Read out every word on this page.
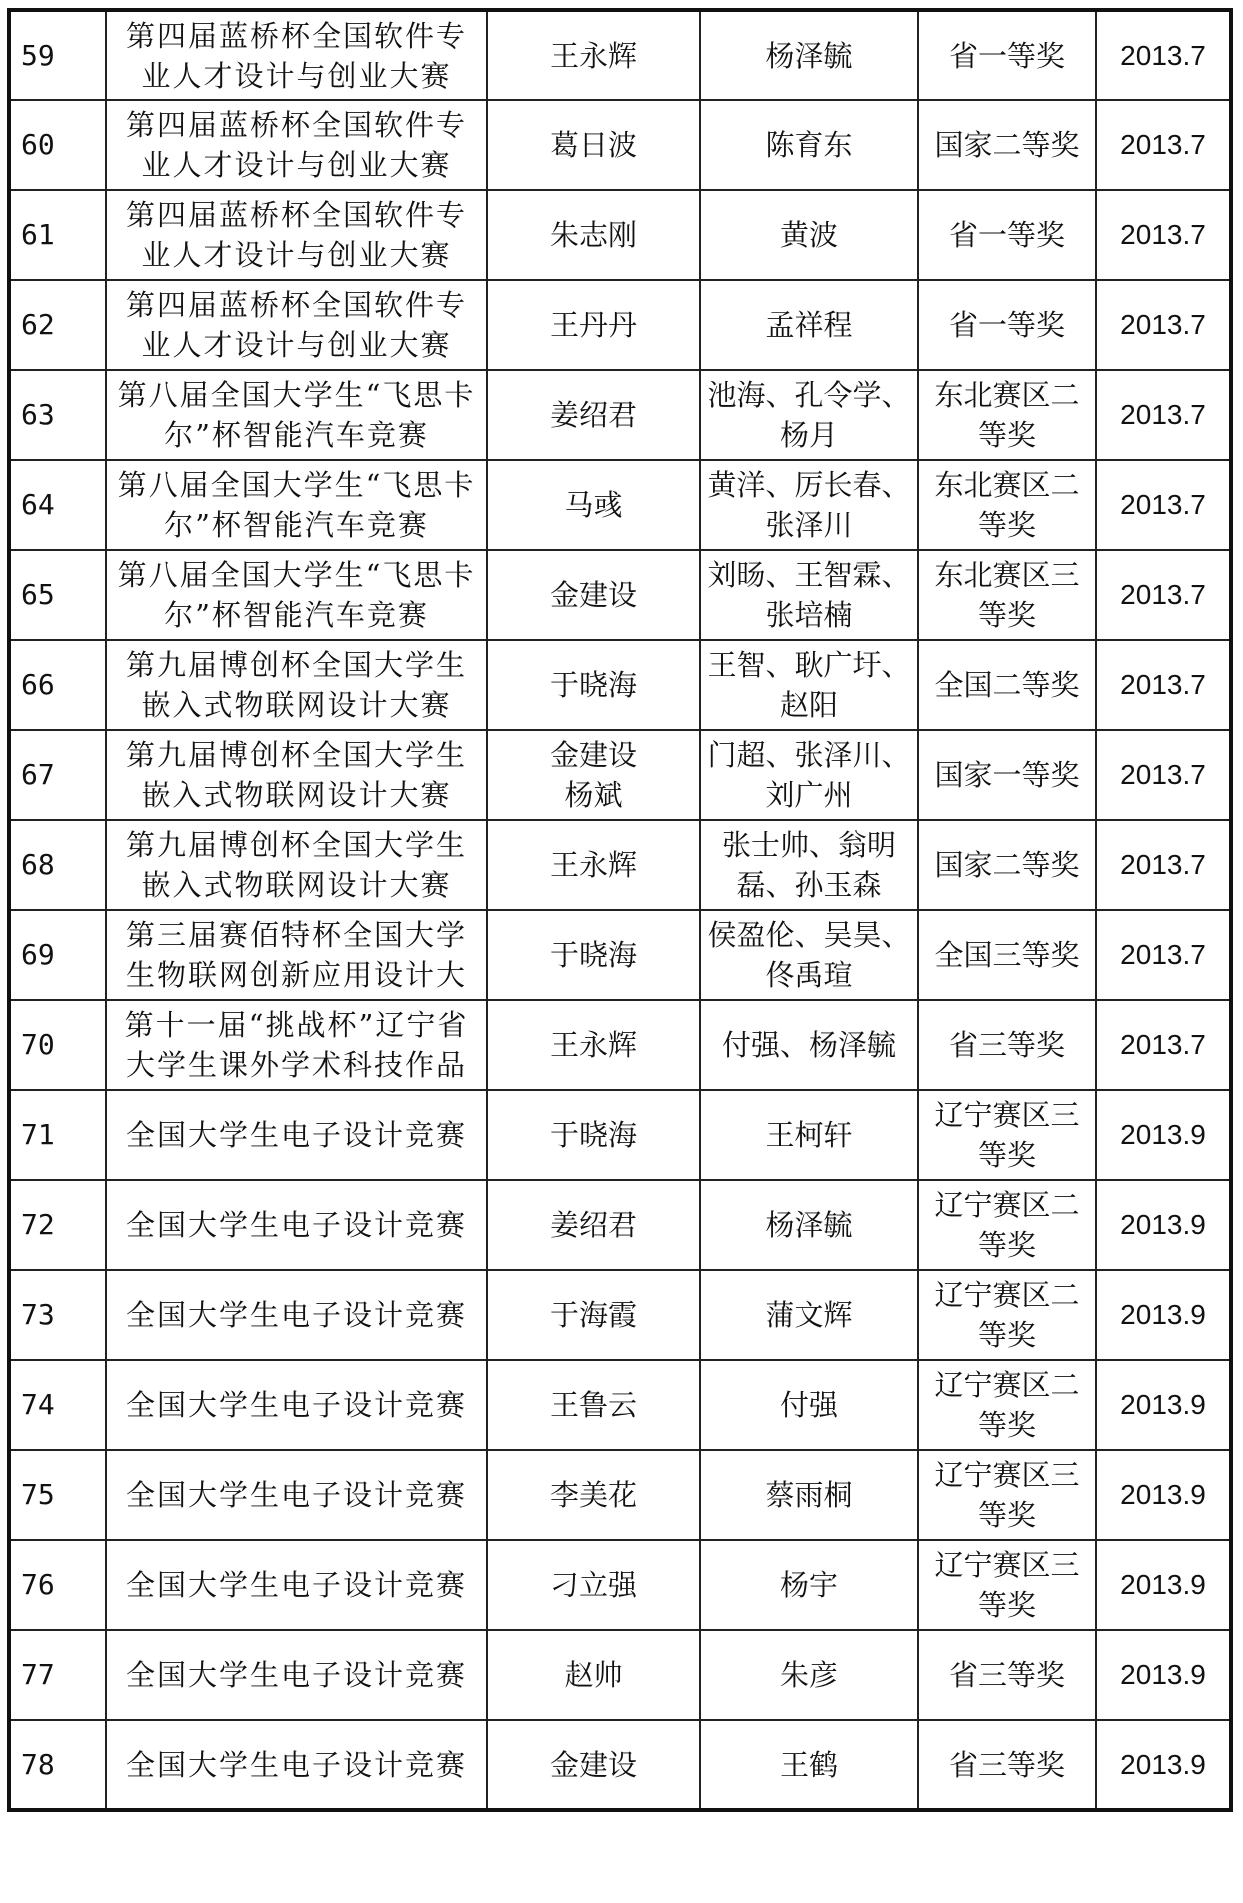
59	第四届蓝桥杯全国软件专
业人才设计与创业大赛	王永辉	杨泽毓	省一等奖	2013.7
60	第四届蓝桥杯全国软件专
业人才设计与创业大赛	葛日波	陈育东	国家二等奖	2013.7
61	第四届蓝桥杯全国软件专
业人才设计与创业大赛	朱志刚	黄波	省一等奖	2013.7
62	第四届蓝桥杯全国软件专
业人才设计与创业大赛	王丹丹	孟祥程	省一等奖	2013.7
63	第八届全国大学生“飞思卡
尔”杯智能汽车竞赛	姜绍君	池海、孔令学、
杨月	东北赛区二
等奖	2013.7
64	第八届全国大学生“飞思卡
尔”杯智能汽车竞赛	马彧	黄洋、厉长春、
张泽川	东北赛区二
等奖	2013.7
65	第八届全国大学生“飞思卡
尔”杯智能汽车竞赛	金建设	刘旸、王智霖、
张培楠	东北赛区三
等奖	2013.7
66	第九届博创杯全国大学生
嵌入式物联网设计大赛	于晓海	王智、耿广圩、
赵阳	全国二等奖	2013.7
67	第九届博创杯全国大学生
嵌入式物联网设计大赛	金建设
杨斌	门超、张泽川、
刘广州	国家一等奖	2013.7
68	第九届博创杯全国大学生
嵌入式物联网设计大赛	王永辉	张士帅、翁明
磊、孙玉森	国家二等奖	2013.7
69	第三届赛佰特杯全国大学
生物联网创新应用设计大	于晓海	侯盈伦、吴昊、
佟禹瑄	全国三等奖	2013.7
70	第十一届“挑战杯”辽宁省
大学生课外学术科技作品	王永辉	付强、杨泽毓	省三等奖	2013.7
71	全国大学生电子设计竞赛	于晓海	王柯轩	辽宁赛区三
等奖	2013.9
72	全国大学生电子设计竞赛	姜绍君	杨泽毓	辽宁赛区二
等奖	2013.9
73	全国大学生电子设计竞赛	于海霞	蒲文辉	辽宁赛区二
等奖	2013.9
74	全国大学生电子设计竞赛	王鲁云	付强	辽宁赛区二
等奖	2013.9
75	全国大学生电子设计竞赛	李美花	蔡雨桐	辽宁赛区三
等奖	2013.9
76	全国大学生电子设计竞赛	刁立强	杨宇	辽宁赛区三
等奖	2013.9
77	全国大学生电子设计竞赛	赵帅	朱彦	省三等奖	2013.9
78	全国大学生电子设计竞赛	金建设	王鹤	省三等奖	2013.9
